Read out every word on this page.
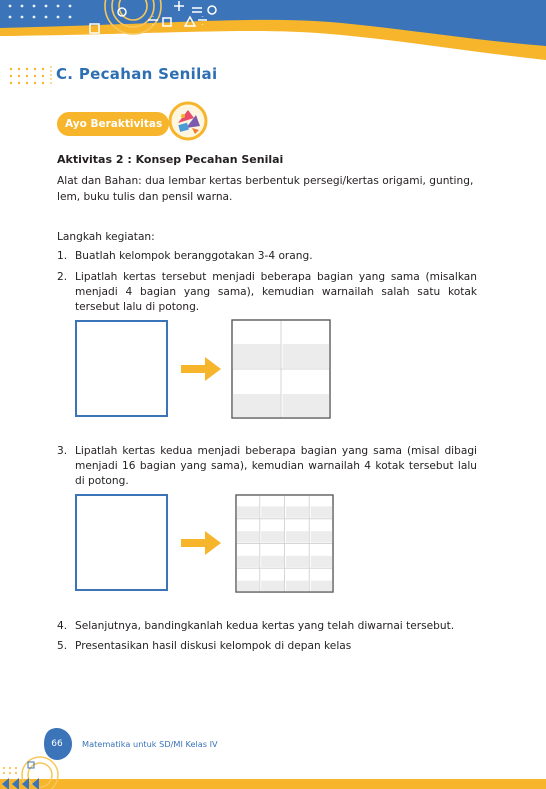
C. Pecahan Senilai
Ayo Beraktivitas
Aktivitas 2 : Konsep Pecahan Senilai
Alat dan Bahan: dua lembar kertas berbentuk persegi/kertas origami, gunting, lem, buku tulis dan pensil warna.
Langkah kegiatan:
1. Buatlah kelompok beranggotakan 3-4 orang.
2. Lipatlah kertas tersebut menjadi beberapa bagian yang sama (misalkan menjadi 4 bagian yang sama), kemudian warnailah salah satu kotak tersebut lalu di potong.
3. Lipatlah kertas kedua menjadi beberapa bagian yang sama (misal dibagi menjadi 16 bagian yang sama), kemudian warnailah 4 kotak tersebut lalu di potong.
4. Selanjutnya, bandingkanlah kedua kertas yang telah diwarnai tersebut.
5. Presentasikan hasil diskusi kelompok di depan kelas
66	Matematika untuk SD/MI Kelas IV
